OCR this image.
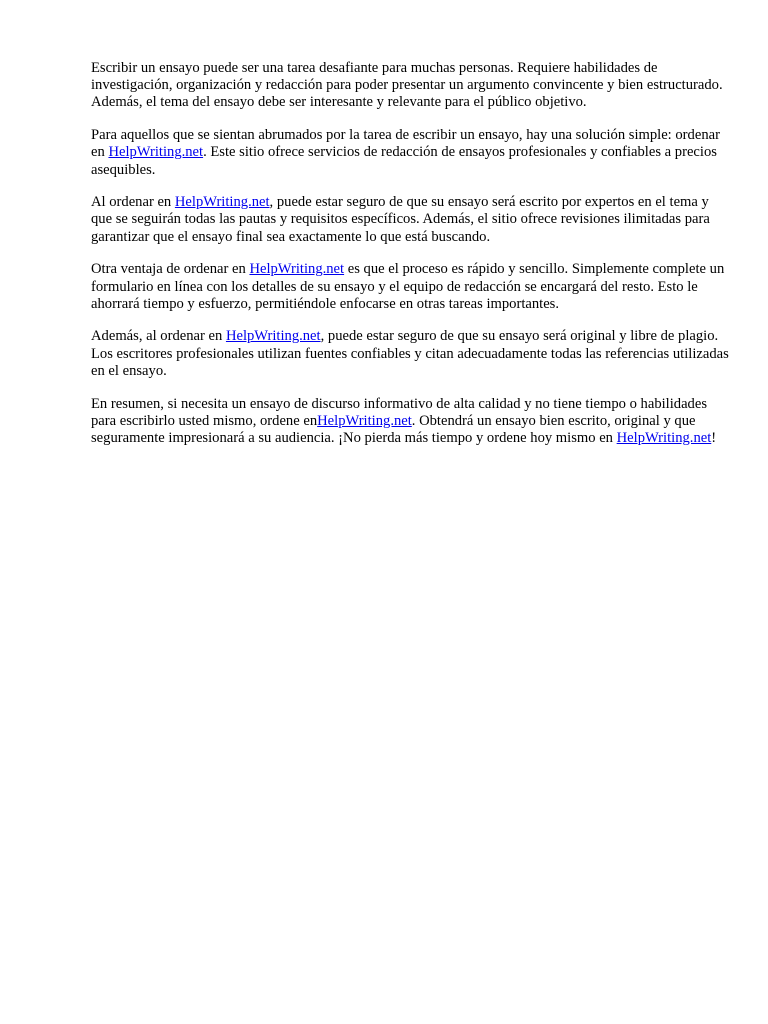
Escribir un ensayo puede ser una tarea desafiante para muchas personas. Requiere habilidades de investigación, organización y redacción para poder presentar un argumento convincente y bien estructurado. Además, el tema del ensayo debe ser interesante y relevante para el público objetivo.

Para aquellos que se sientan abrumados por la tarea de escribir un ensayo, hay una solución simple: ordenar en HelpWriting.net. Este sitio ofrece servicios de redacción de ensayos profesionales y confiables a precios asequibles.

Al ordenar en HelpWriting.net, puede estar seguro de que su ensayo será escrito por expertos en el tema y que se seguirán todas las pautas y requisitos específicos. Además, el sitio ofrece revisiones ilimitadas para garantizar que el ensayo final sea exactamente lo que está buscando.

Otra ventaja de ordenar en HelpWriting.net es que el proceso es rápido y sencillo. Simplemente complete un formulario en línea con los detalles de su ensayo y el equipo de redacción se encargará del resto. Esto le ahorrará tiempo y esfuerzo, permitiéndole enfocarse en otras tareas importantes.

Además, al ordenar en HelpWriting.net, puede estar seguro de que su ensayo será original y libre de plagio. Los escritores profesionales utilizan fuentes confiables y citan adecuadamente todas las referencias utilizadas en el ensayo.

En resumen, si necesita un ensayo de discurso informativo de alta calidad y no tiene tiempo o habilidades para escribirlo usted mismo, ordene enHelpWriting.net. Obtendrá un ensayo bien escrito, original y que seguramente impresionará a su audiencia. ¡No pierda más tiempo y ordene hoy mismo en HelpWriting.net!
